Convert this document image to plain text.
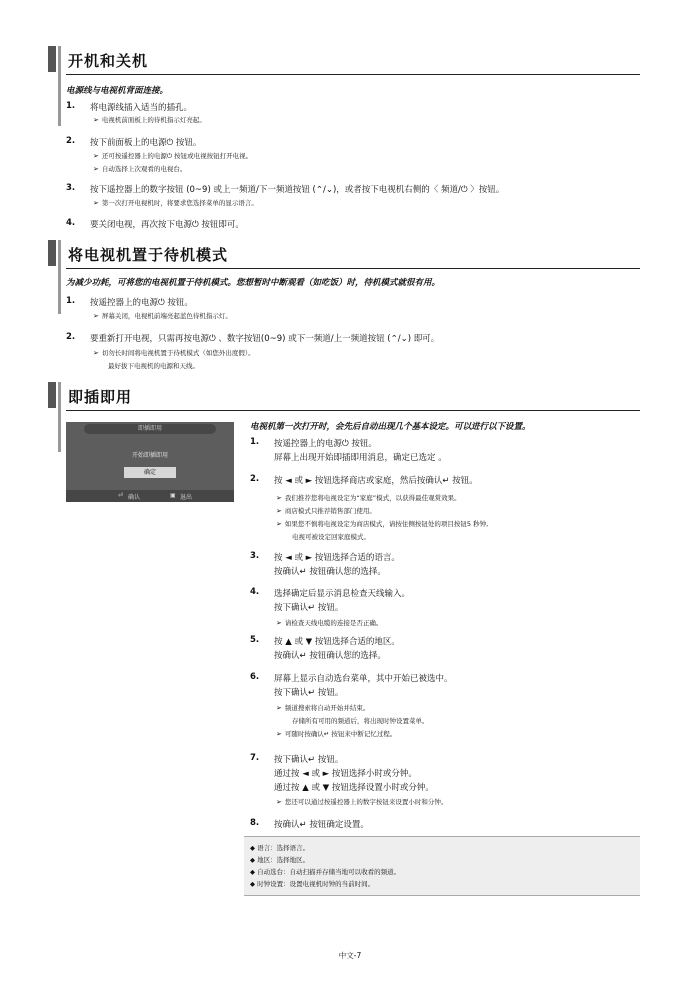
开机和关机
电源线与电视机背面连接。
1. 将电源线插入适当的插孔。
➢ 电视机前面板上的待机指示灯亮起。
2. 按下前面板上的电源⏻ 按钮。
➢ 还可按遥控器上的电源⏻ 按钮或电视按钮打开电视。
➢ 自动选择上次观看的电视台。
3. 按下遥控器上的数字按钮 (0~9) 或上一频道/下一频道按钮 (⌃/⌄)，或者按下电视机右侧的〈 频道/⏻ 〉按钮。
➢ 第一次打开电视机时，将要求您选择菜单的显示语言。
4. 要关闭电视，再次按下电源⏻ 按钮即可。
将电视机置于待机模式
为减少功耗，可将您的电视机置于待机模式。您想暂时中断观看（如吃饭）时，待机模式就很有用。
1. 按遥控器上的电源⏻ 按钮。
➢ 屏幕关闭，电视机前端亮起蓝色待机指示灯。
2. 要重新打开电视，只需再按电源⏻ 、数字按钮(0~9) 或下一频道/上一频道按钮 (⌃/⌄) 即可。
➢ 切勿长时间将电视机置于待机模式（如您外出度假）。
最好拔下电视机的电源和天线。
即插即用
即插即用
开始即插即用
确定
⏎ 确认	▣ 退出
电视机第一次打开时，会先后自动出现几个基本设定。可以进行以下设置。
1. 按遥控器上的电源⏻ 按钮。
屏幕上出现开始即插即用消息，确定已选定 。
2. 按 ◄ 或 ► 按钮选择商店或家庭，然后按确认↵ 按钮。
➢ 我们推荐您将电视设定为“家庭”模式，以获得最佳观赏效果。
➢ 商店模式只推荐销售部门使用。
➢ 如果您不慎将电视设定为商店模式，请按住侧按钮处的项目按钮5 秒钟,
电视可被设定回家庭模式。
3. 按 ◄ 或 ► 按钮选择合适的语言。
按确认↵ 按钮确认您的选择。
4. 选择确定后显示消息检查天线输入。
按下确认↵ 按钮。
➢ 请检查天线电缆的连接是否正确。
5. 按 ▲ 或 ▼ 按钮选择合适的地区。
按确认↵ 按钮确认您的选择。
6. 屏幕上显示自动选台菜单，其中开始已被选中。
按下确认↵ 按钮。
➢ 频道搜索将自动开始并结束。
存储所有可用的频道后，将出现时钟设置菜单。
➢ 可随时按确认↵ 按钮来中断记忆过程。
7. 按下确认↵ 按钮。
通过按 ◄ 或 ► 按钮选择小时或分钟。
通过按 ▲ 或 ▼ 按钮选择设置小时或分钟。
➢ 您还可以通过按遥控器上的数字按钮来设置小时和分钟。
8. 按确认↵ 按钮确定设置。
◆ 语言：选择语言。
◆ 地区：选择地区。
◆ 自动选台：自动扫描并存储当地可以收看的频道。
◆ 时钟设置：设置电视机时钟的当前时间。
中文-7
